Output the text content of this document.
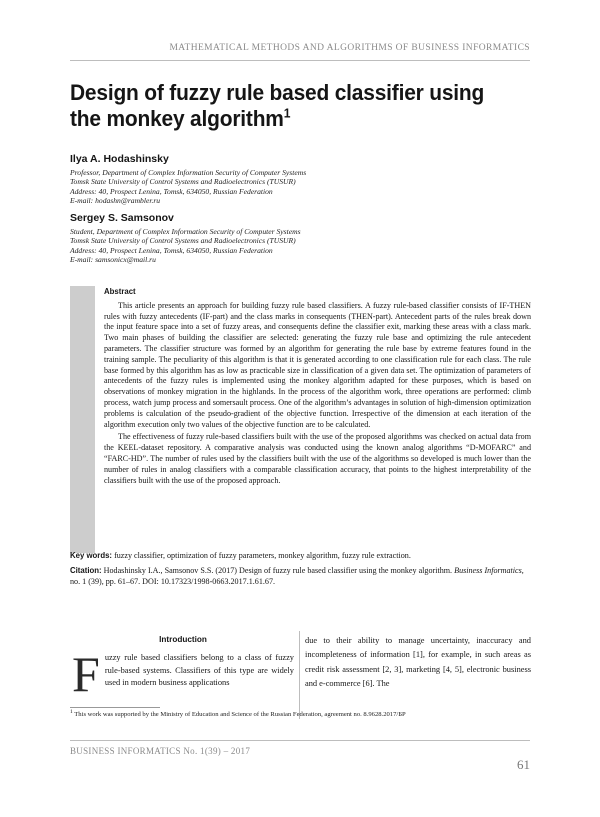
MATHEMATICAL METHODS AND ALGORITHMS OF BUSINESS INFORMATICS
Design of fuzzy rule based classifier using the monkey algorithm$^1$
Ilya A. Hodashinsky
Professor, Department of Complex Information Security of Computer Systems
Tomsk State University of Control Systems and Radioelectronics (TUSUR)
Address: 40, Prospect Lenina, Tomsk, 634050, Russian Federation
E-mail: hodashn@rambler.ru
Sergey S. Samsonov
Student, Department of Complex Information Security of Computer Systems
Tomsk State University of Control Systems and Radioelectronics (TUSUR)
Address: 40, Prospect Lenina, Tomsk, 634050, Russian Federation
E-mail: samsonicx@mail.ru
Abstract

This article presents an approach for building fuzzy rule based classifiers. A fuzzy rule-based classifier consists of IF-THEN rules with fuzzy antecedents (IF-part) and the class marks in consequents (THEN-part). Antecedent parts of the rules break down the input feature space into a set of fuzzy areas, and consequents define the classifier exit, marking these areas with a class mark. Two main phases of building the classifier are selected: generating the fuzzy rule base and optimizing the rule antecedent parameters. The classifier structure was formed by an algorithm for generating the rule base by extreme features found in the training sample. The peculiarity of this algorithm is that it is generated according to one classification rule for each class. The rule base formed by this algorithm has as low as practicable size in classification of a given data set. The optimization of parameters of antecedents of the fuzzy rules is implemented using the monkey algorithm adapted for these purposes, which is based on observations of monkey migration in the highlands. In the process of the algorithm work, three operations are performed: climb process, watch jump process and somersault process. One of the algorithm’s advantages in solution of high-dimension optimization problems is calculation of the pseudo-gradient of the objective function. Irrespective of the dimension at each iteration of the algorithm execution only two values of the objective function are to be calculated.

The effectiveness of fuzzy rule-based classifiers built with the use of the proposed algorithms was checked on actual data from the KEEL-dataset repository. A comparative analysis was conducted using the known analog algorithms “D-MOFARC” and “FARC-HD”. The number of rules used by the classifiers built with the use of the algorithms so developed is much lower than the number of rules in analog classifiers with a comparable classification accuracy, that points to the highest interpretability of the classifiers built with the use of the proposed approach.

Key words: fuzzy classifier, optimization of fuzzy parameters, monkey algorithm, fuzzy rule extraction.
Citation: Hodashinsky I.A., Samsonov S.S. (2017) Design of fuzzy rule based classifier using the monkey algorithm. Business Informatics, no. 1 (39), pp. 61–67. DOI: 10.17323/1998-0663.2017.1.61.67.
Introduction
Fuzzy rule based classifiers belong to a class of fuzzy rule-based systems. Classifiers of this type are widely used in modern business applications
due to their ability to manage uncertainty, inaccuracy and incompleteness of information [1], for example, in such areas as credit risk assessment [2, 3], marketing [4, 5], electronic business and e-commerce [6]. The
$^1$ This work was supported by the Ministry of Education and Science of the Russian Federation, agreement no. 8.9628.2017/БР
BUSINESS INFORMATICS No. 1(39) – 2017
61
